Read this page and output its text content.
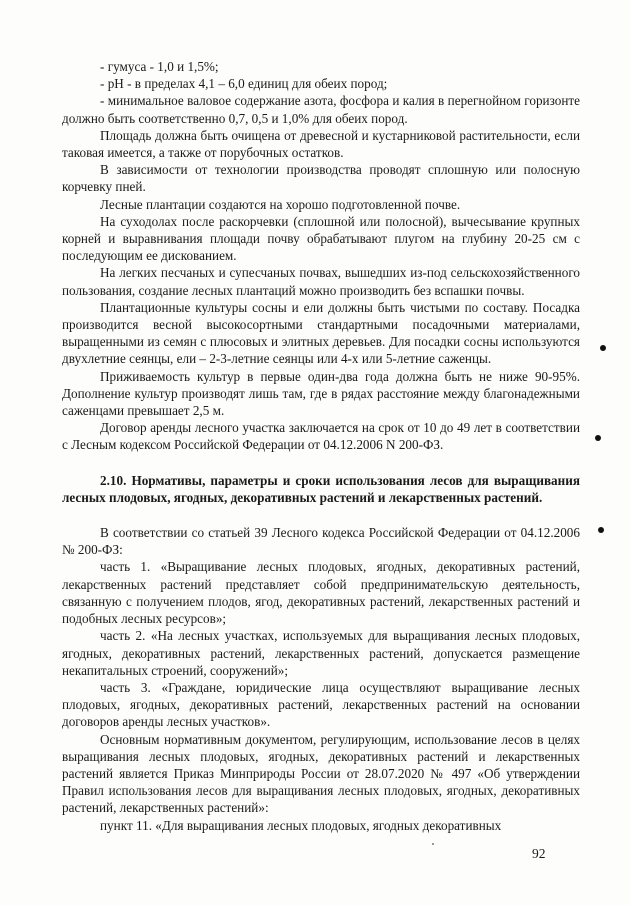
- гумуса - 1,0 и 1,5%;

- pH - в пределах 4,1 – 6,0 единиц для обеих пород;

- минимальное валовое содержание азота, фосфора и калия в перегнойном горизонте должно быть соответственно 0,7, 0,5 и 1,0% для обеих пород.

Площадь должна быть очищена от древесной и кустарниковой растительности, если таковая имеется, а также от порубочных остатков.

В зависимости от технологии производства проводят сплошную или полосную корчевку пней.

Лесные плантации создаются на хорошо подготовленной почве.

На суходолах после раскорчевки (сплошной или полосной), вычесывание крупных корней и выравнивания площади почву обрабатывают плугом на глубину 20-25 см с последующим ее дискованием.

На легких песчаных и супесчаных почвах, вышедших из-под сельскохозяйственного пользования, создание лесных плантаций можно производить без вспашки почвы.

Плантационные культуры сосны и ели должны быть чистыми по составу. Посадка производится весной высокосортными стандартными посадочными материалами, выращенными из семян с плюсовых и элитных деревьев. Для посадки сосны используются двухлетние сеянцы, ели – 2-3-летние сеянцы или 4-х или 5-летние саженцы.

Приживаемость культур в первые один-два года должна быть не ниже 90-95%. Дополнение культур производят лишь там, где в рядах расстояние между благонадежными саженцами превышает 2,5 м.

Договор аренды лесного участка заключается на срок от 10 до 49 лет в соответствии с Лесным кодексом Российской Федерации от 04.12.2006 N 200-ФЗ.

2.10. Нормативы, параметры и сроки использования лесов для выращивания лесных плодовых, ягодных, декоративных растений и лекарственных растений.

В соответствии со статьей 39 Лесного кодекса Российской Федерации от 04.12.2006 № 200-ФЗ:

часть 1. «Выращивание лесных плодовых, ягодных, декоративных растений, лекарственных растений представляет собой предпринимательскую деятельность, связанную с получением плодов, ягод, декоративных растений, лекарственных растений и подобных лесных ресурсов»;

часть 2. «На лесных участках, используемых для выращивания лесных плодовых, ягодных, декоративных растений, лекарственных растений, допускается размещение некапитальных строений, сооружений»;

часть 3. «Граждане, юридические лица осуществляют выращивание лесных плодовых, ягодных, декоративных растений, лекарственных растений на основании договоров аренды лесных участков».

Основным нормативным документом, регулирующим, использование лесов в целях выращивания лесных плодовых, ягодных, декоративных растений и лекарственных растений является Приказ Минприроды России от 28.07.2020 № 497 «Об утверждении Правил использования лесов для выращивания лесных плодовых, ягодных, декоративных растений, лекарственных растений»:

пункт 11. «Для выращивания лесных плодовых, ягодных декоративных

92
